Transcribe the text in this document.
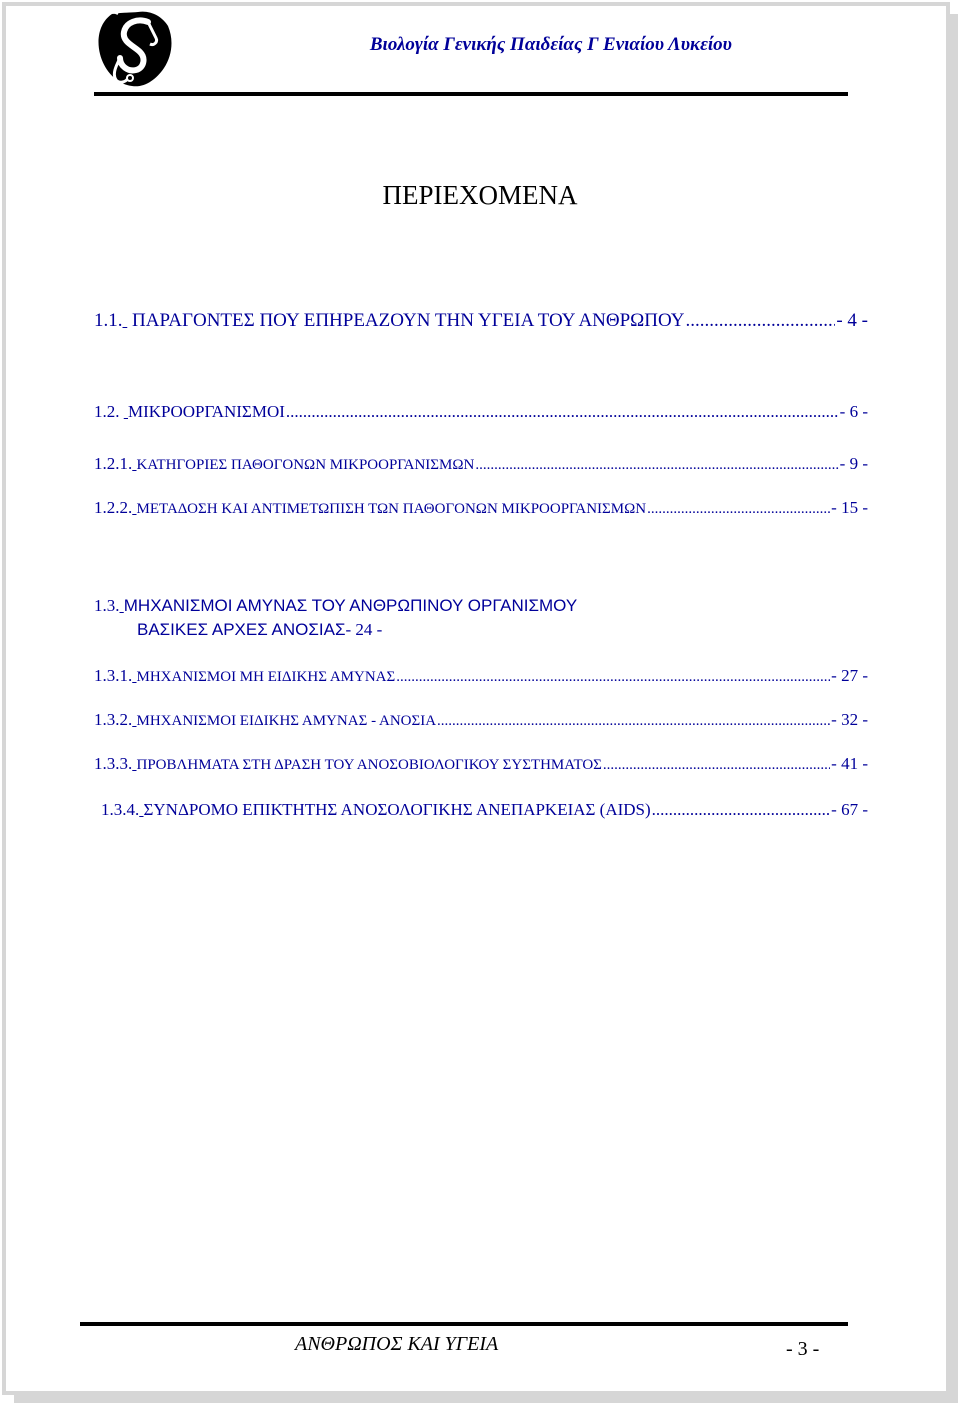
Βιολογία Γενικής Παιδείας Γ Ενιαίου Λυκείου
ΠΕΡΙΕΧΟΜΕΝΑ
1.1. ΠΑΡΑΓΟΝΤΕΣ ΠΟΥ ΕΠΗΡΕΑΖΟΥΝ ΤΗΝ ΥΓΕΙΑ ΤΟΥ ΑΝΘΡΩΠΟΥ .....	- 4 -
1.2. ΜΙΚΡΟΟΡΓΑΝΙΣΜΟΙ .....	- 6 -
1.2.1. ΚΑΤΗΓΟΡΙΕΣ ΠΑΘΟΓΟΝΩΝ ΜΙΚΡΟΟΡΓΑΝΙΣΜΩΝ .....	- 9 -
1.2.2. ΜΕΤΑΔΟΣΗ ΚΑΙ ΑΝΤΙΜΕΤΩΠΙΣΗ ΤΩΝ ΠΑΘΟΓΟΝΩΝ ΜΙΚΡΟΟΡΓΑΝΙΣΜΩΝ .....	- 15 -
1.3. ΜΗΧΑΝΙΣΜΟΙ ΑΜΥΝΑΣ ΤΟΥ ΑΝΘΡΩΠΙΝΟΥ ΟΡΓΑΝΙΣΜΟΥ
ΒΑΣΙΚΕΣ ΑΡΧΕΣ ΑΝΟΣΙΑΣ - 24 -
1.3.1. ΜΗΧΑΝΙΣΜΟΙ ΜΗ ΕΙΔΙΚΗΣ ΑΜΥΝΑΣ .....	- 27 -
1.3.2. ΜΗΧΑΝΙΣΜΟΙ ΕΙΔΙΚΗΣ ΑΜΥΝΑΣ - ΑΝΟΣΙΑ .....	- 32 -
1.3.3. ΠΡΟΒΛΗΜΑΤΑ ΣΤΗ ΔΡΑΣΗ ΤΟΥ ΑΝΟΣΟΒΙΟΛΟΓΙΚΟΥ ΣΥΣΤΗΜΑΤΟΣ .....	- 41 -
1.3.4. ΣΥΝΔΡΟΜΟ ΕΠΙΚΤΗΤΗΣ ΑΝΟΣΟΛΟΓΙΚΗΣ ΑΝΕΠΑΡΚΕΙΑΣ (AIDS) .....	- 67 -
ΑΝΘΡΩΠΟΣ ΚΑΙ ΥΓΕΙΑ	- 3 -
